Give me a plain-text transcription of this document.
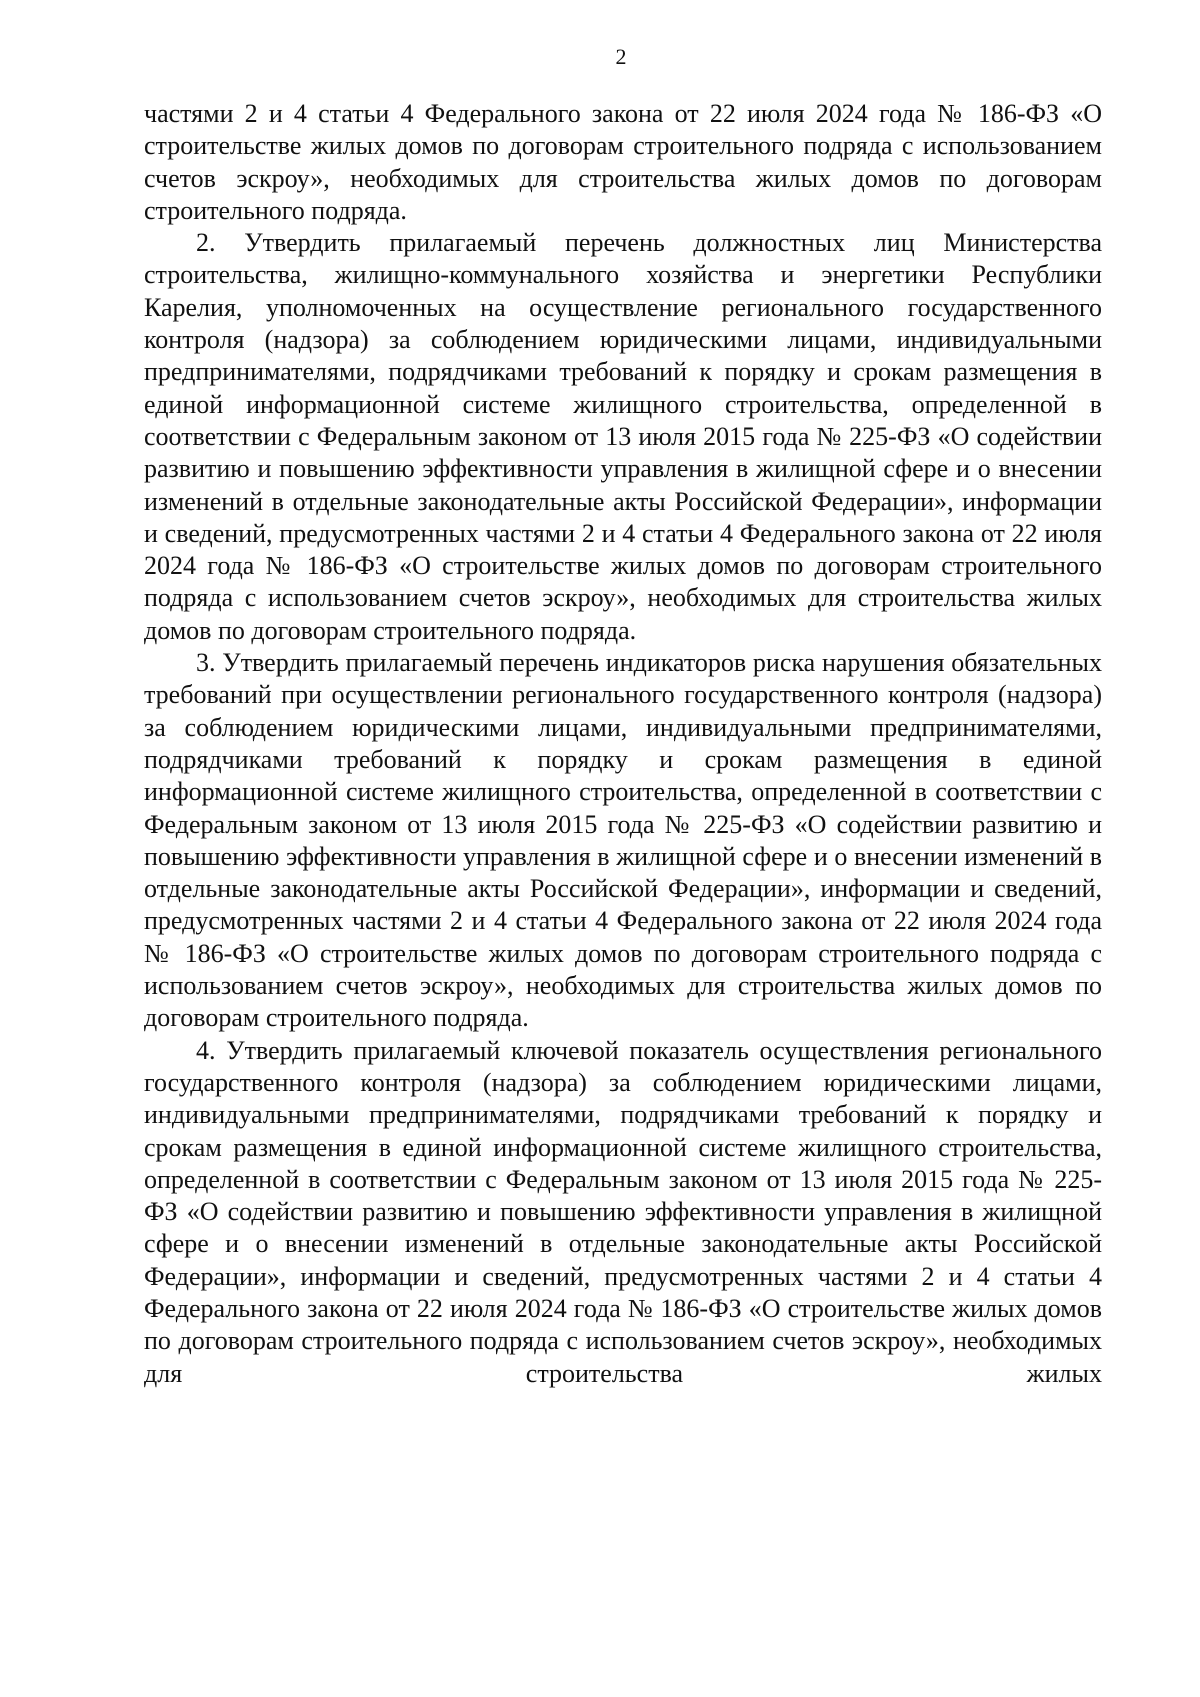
2

частями 2 и 4 статьи 4 Федерального закона от 22 июля 2024 года № 186-ФЗ «О строительстве жилых домов по договорам строительного подряда с использованием счетов эскроу», необходимых для строительства жилых домов по договорам строительного подряда.

2. Утвердить прилагаемый перечень должностных лиц Министерства строительства, жилищно-коммунального хозяйства и энергетики Республики Карелия, уполномоченных на осуществление регионального государственного контроля (надзора) за соблюдением юридическими лицами, индивидуальными предпринимателями, подрядчиками требований к порядку и срокам размещения в единой информационной системе жилищного строительства, определенной в соответствии с Федеральным законом от 13 июля 2015 года № 225-ФЗ «О содействии развитию и повышению эффективности управления в жилищной сфере и о внесении изменений в отдельные законодательные акты Российской Федерации», информации и сведений, предусмотренных частями 2 и 4 статьи 4 Федерального закона от 22 июля 2024 года № 186-ФЗ «О строительстве жилых домов по договорам строительного подряда с использованием счетов эскроу», необходимых для строительства жилых домов по договорам строительного подряда.

3. Утвердить прилагаемый перечень индикаторов риска нарушения обязательных требований при осуществлении регионального государственного контроля (надзора) за соблюдением юридическими лицами, индивидуальными предпринимателями, подрядчиками требований к порядку и срокам размещения в единой информационной системе жилищного строительства, определенной в соответствии с Федеральным законом от 13 июля 2015 года № 225-ФЗ «О содействии развитию и повышению эффективности управления в жилищной сфере и о внесении изменений в отдельные законодательные акты Российской Федерации», информации и сведений, предусмотренных частями 2 и 4 статьи 4 Федерального закона от 22 июля 2024 года № 186-ФЗ «О строительстве жилых домов по договорам строительного подряда с использованием счетов эскроу», необходимых для строительства жилых домов по договорам строительного подряда.

4. Утвердить прилагаемый ключевой показатель осуществления регионального государственного контроля (надзора) за соблюдением юридическими лицами, индивидуальными предпринимателями, подрядчиками требований к порядку и срокам размещения в единой информационной системе жилищного строительства, определенной в соответствии с Федеральным законом от 13 июля 2015 года № 225-ФЗ «О содействии развитию и повышению эффективности управления в жилищной сфере и о внесении изменений в отдельные законодательные акты Российской Федерации», информации и сведений, предусмотренных частями 2 и 4 статьи 4 Федерального закона от 22 июля 2024 года № 186-ФЗ «О строительстве жилых домов по договорам строительного подряда с использованием счетов эскроу», необходимых для строительства жилых
